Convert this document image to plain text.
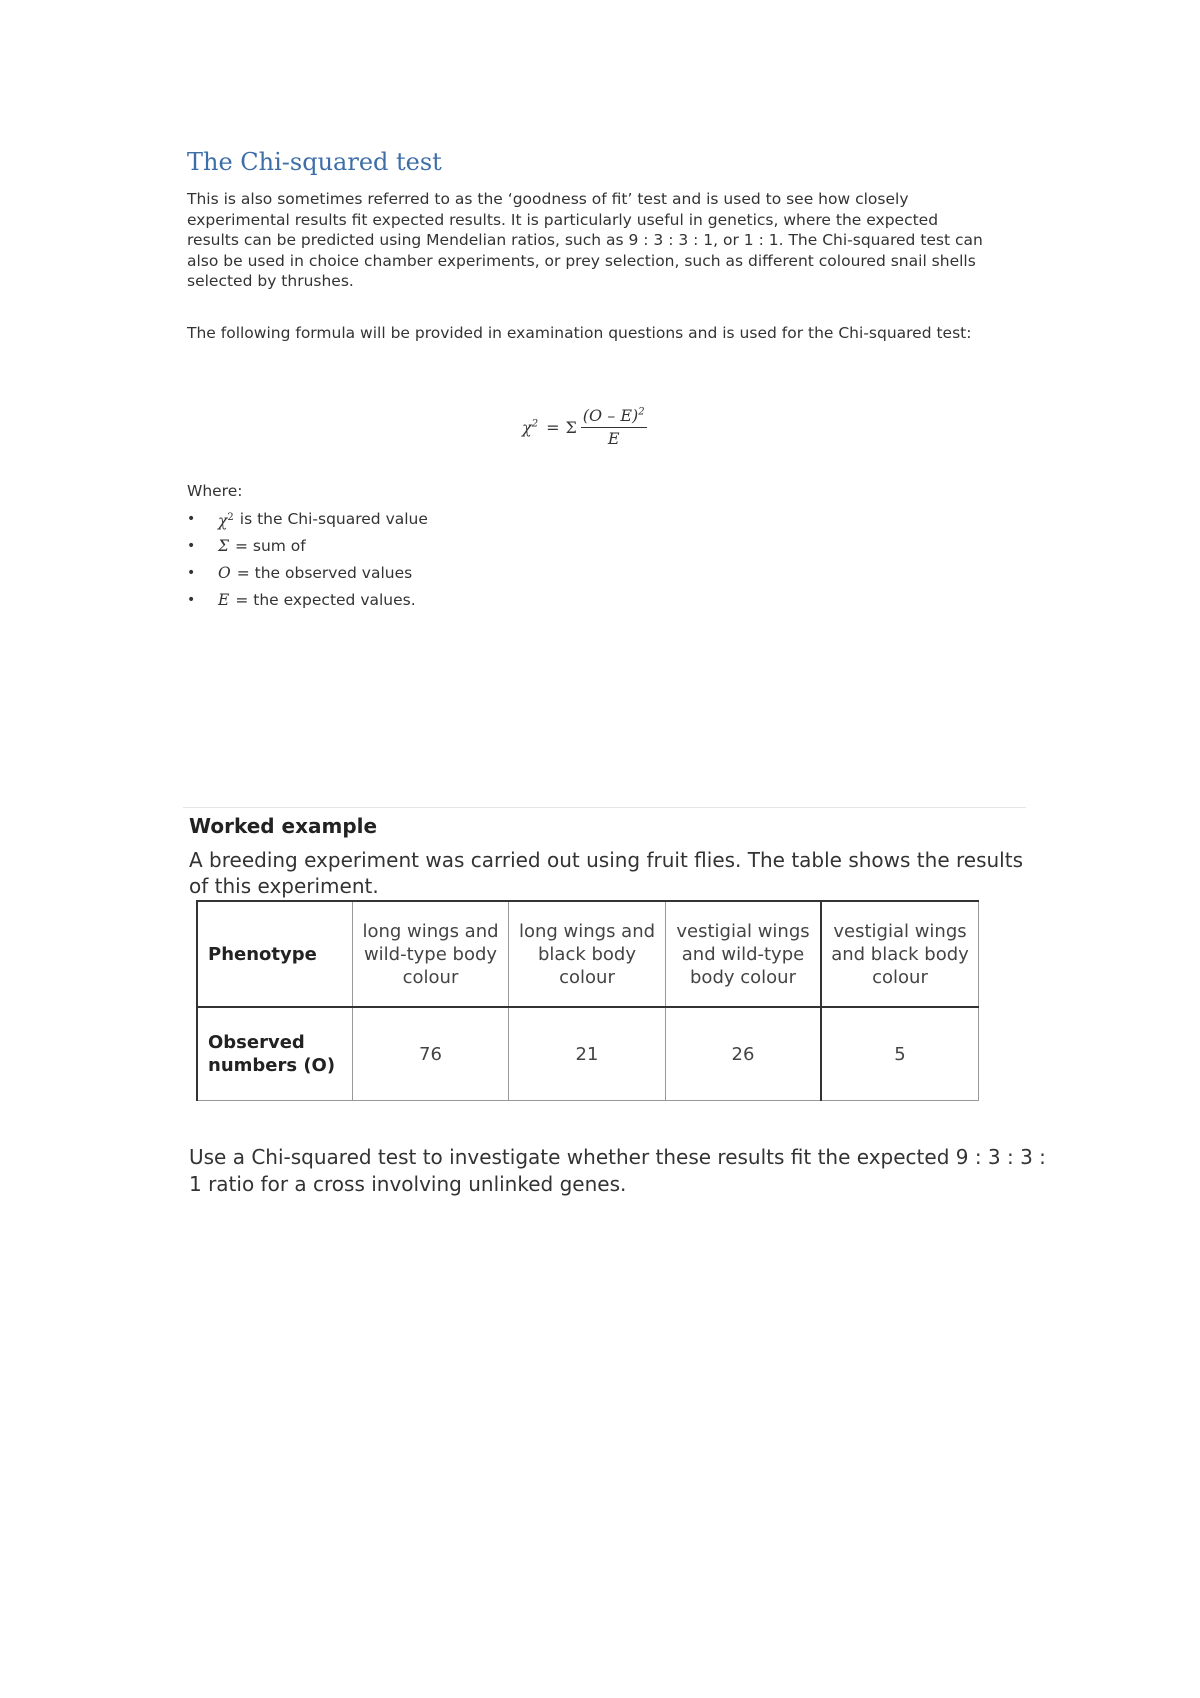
The Chi-squared test
This is also sometimes referred to as the ‘goodness of fit’ test and is used to see how closely experimental results fit expected results. It is particularly useful in genetics, where the expected results can be predicted using Mendelian ratios, such as 9 : 3 : 3 : 1, or 1 : 1. The Chi-squared test can also be used in choice chamber experiments, or prey selection, such as different coloured snail shells selected by thrushes.
The following formula will be provided in examination questions and is used for the Chi-squared test:
$\chi^2 = \Sigma \frac{(O - E)^2}{E}$
Where:
•	$\chi^2$ is the Chi-squared value
•	Σ = sum of
•	O = the observed values
•	E = the expected values.
Worked example
A breeding experiment was carried out using fruit flies. The table shows the results of this experiment.
Phenotype	long wings and wild-type body colour	long wings and black body colour	vestigial wings and wild-type body colour	vestigial wings and black body colour
Observed numbers (O)	76	21	26	5
Use a Chi-squared test to investigate whether these results fit the expected 9 : 3 : 3 : 1 ratio for a cross involving unlinked genes.
